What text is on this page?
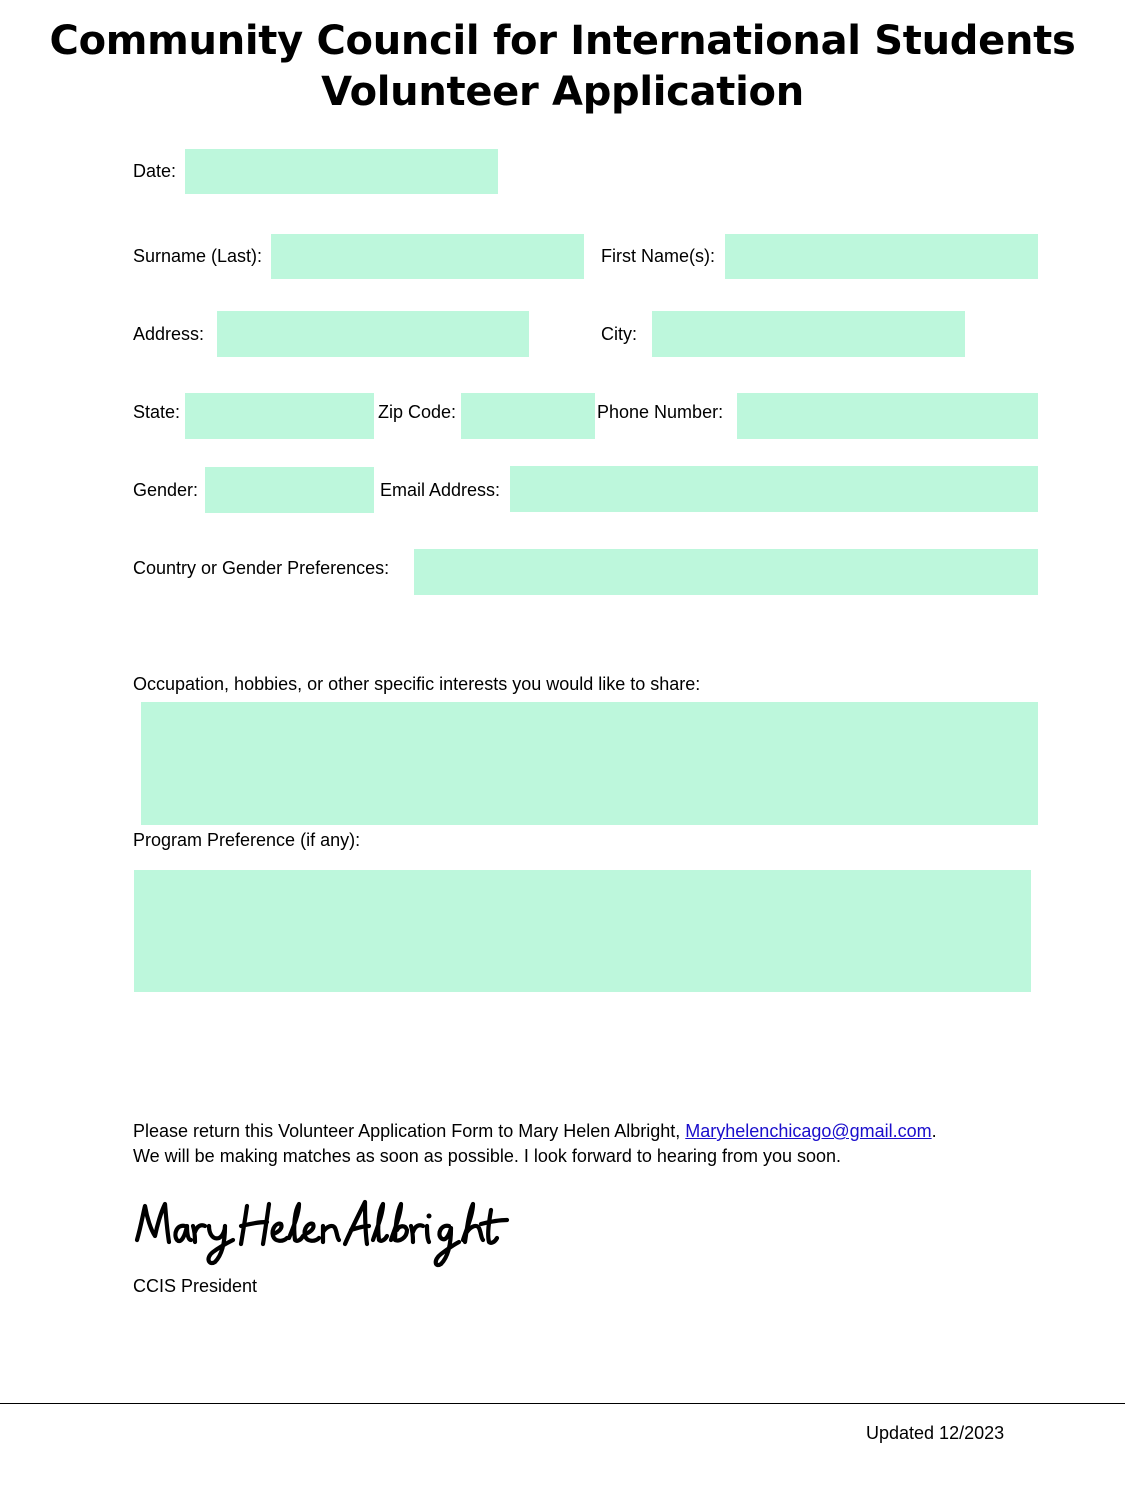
Community Council for International Students
Volunteer Application
Date:
Surname (Last):	First Name(s):
Address:	City:
State:	Zip Code:	Phone Number:
Gender:	Email Address:
Country or Gender Preferences:
Occupation, hobbies, or other specific interests you would like to share:
Program Preference (if any):
Please return this Volunteer Application Form to Mary Helen Albright, Maryhelenchicago@gmail.com.
We will be making matches as soon as possible. I look forward to hearing from you soon.
CCIS President
Updated 12/2023
